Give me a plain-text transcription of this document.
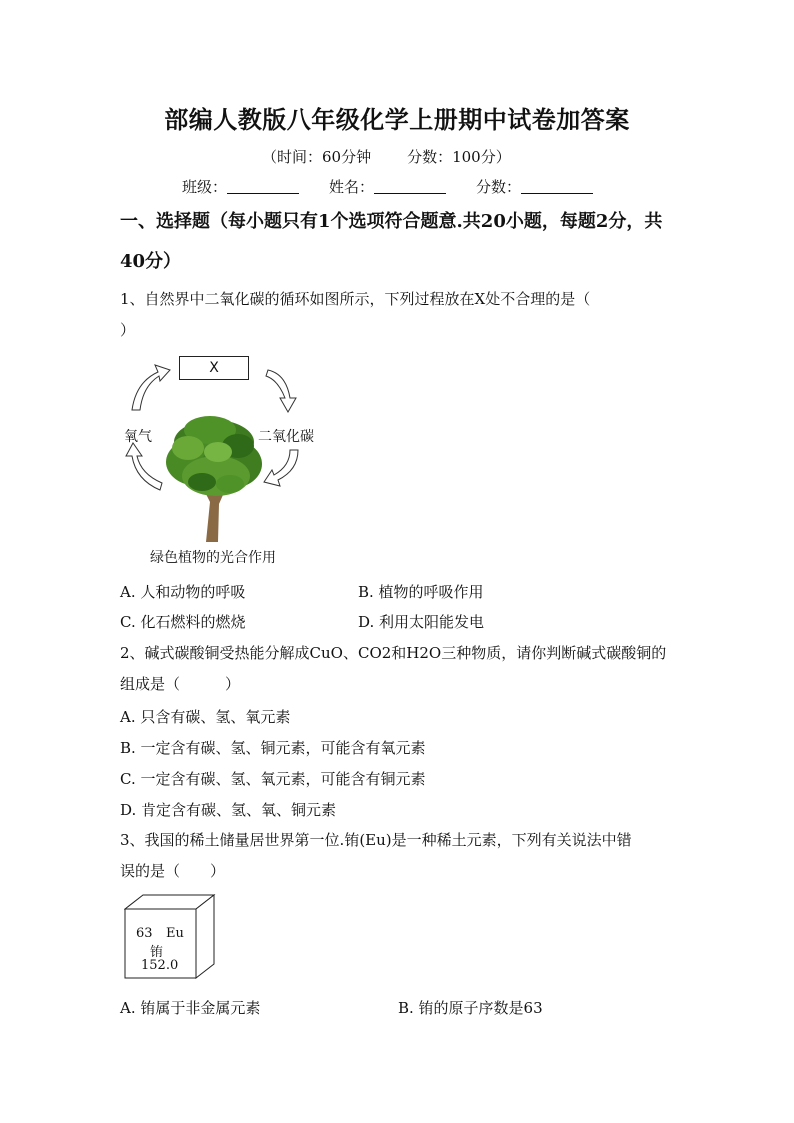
部编人教版八年级化学上册期中试卷加答案
（时间：60分钟 分数：100分）
班级：	姓名：	分数：
一、选择题（每小题只有1个选项符合题意.共20小题，每题2分，共
40分）
1、自然界中二氧化碳的循环如图所示，下列过程放在X处不合理的是（
）
X
氧气	二氧化碳
绿色植物的光合作用
A. 人和动物的呼吸	B. 植物的呼吸作用
C. 化石燃料的燃烧	D. 利用太阳能发电
2、碱式碳酸铜受热能分解成CuO、CO2和H2O三种物质，请你判断碱式碳酸铜的
组成是（　　　）
A. 只含有碳、氢、氧元素
B. 一定含有碳、氢、铜元素，可能含有氧元素
C. 一定含有碳、氢、氧元素，可能含有铜元素
D. 肯定含有碳、氢、氧、铜元素
3、我国的稀土储量居世界第一位.铕(Eu)是一种稀土元素，下列有关说法中错
误的是（　　）
63 Eu
铕
152.0
A. 铕属于非金属元素	B. 铕的原子序数是63
